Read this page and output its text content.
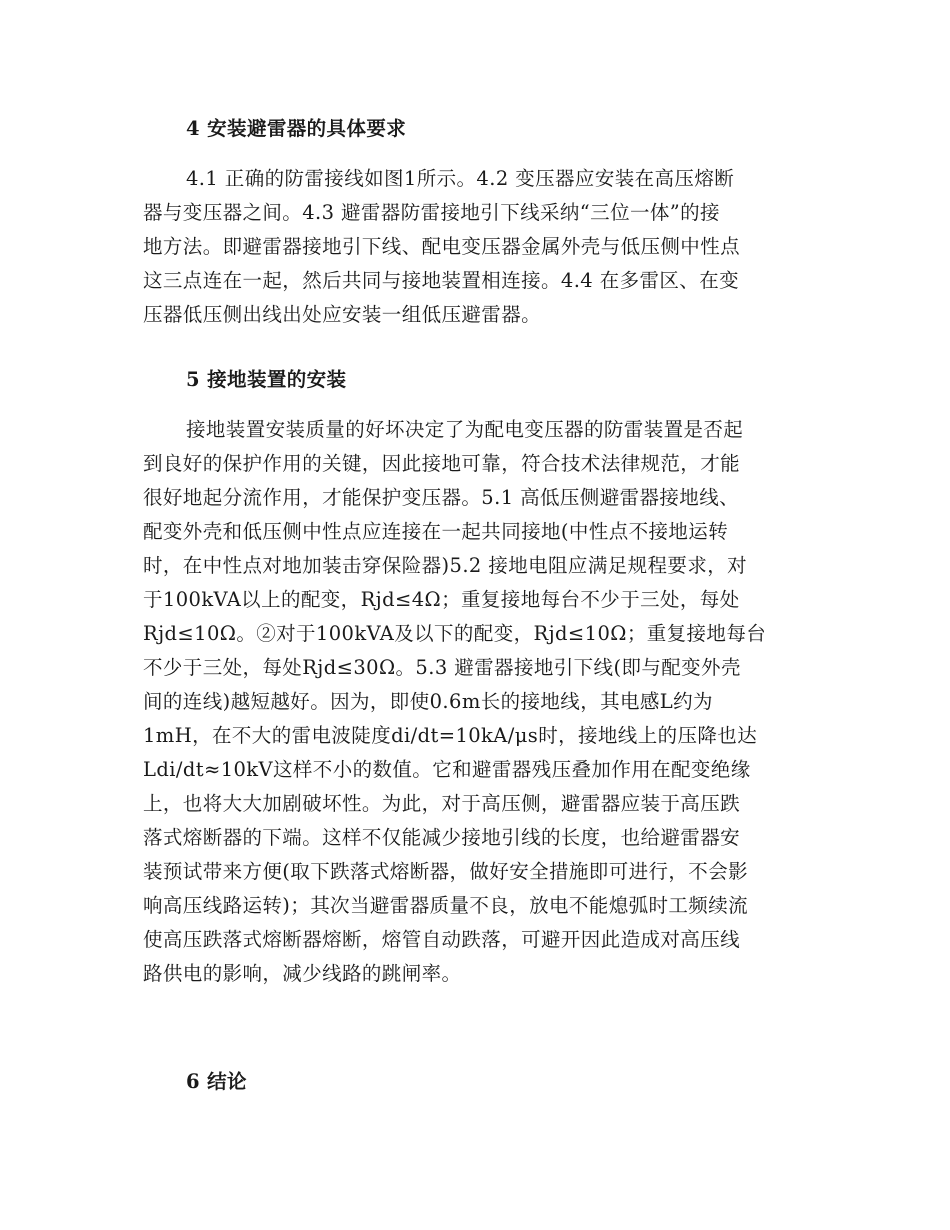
4 安装避雷器的具体要求
4.1 正确的防雷接线如图1所示。4.2 变压器应安装在高压熔断
器与变压器之间。4.3 避雷器防雷接地引下线采纳“三位一体”的接
地方法。即避雷器接地引下线、配电变压器金属外壳与低压侧中性点
这三点连在一起，然后共同与接地装置相连接。4.4 在多雷区、在变
压器低压侧出线出处应安装一组低压避雷器。
5 接地装置的安装
接地装置安装质量的好坏决定了为配电变压器的防雷装置是否起
到良好的保护作用的关键，因此接地可靠，符合技术法律规范，才能
很好地起分流作用，才能保护变压器。5.1 高低压侧避雷器接地线、
配变外壳和低压侧中性点应连接在一起共同接地(中性点不接地运转
时，在中性点对地加装击穿保险器)5.2 接地电阻应满足规程要求，对
于100kVA以上的配变，Rjd≤4Ω；重复接地每台不少于三处，每处
Rjd≤10Ω。②对于100kVA及以下的配变，Rjd≤10Ω；重复接地每台
不少于三处，每处Rjd≤30Ω。5.3 避雷器接地引下线(即与配变外壳
间的连线)越短越好。因为，即使0.6m长的接地线，其电感L约为
1mH，在不大的雷电波陡度di/dt=10kA/μs时，接地线上的压降也达
Ldi/dt≈10kV这样不小的数值。它和避雷器残压叠加作用在配变绝缘
上，也将大大加剧破坏性。为此，对于高压侧，避雷器应装于高压跌
落式熔断器的下端。这样不仅能减少接地引线的长度，也给避雷器安
装预试带来方便(取下跌落式熔断器，做好安全措施即可进行，不会影
响高压线路运转)；其次当避雷器质量不良，放电不能熄弧时工频续流
使高压跌落式熔断器熔断，熔管自动跌落，可避开因此造成对高压线
路供电的影响，减少线路的跳闸率。
6 结论
